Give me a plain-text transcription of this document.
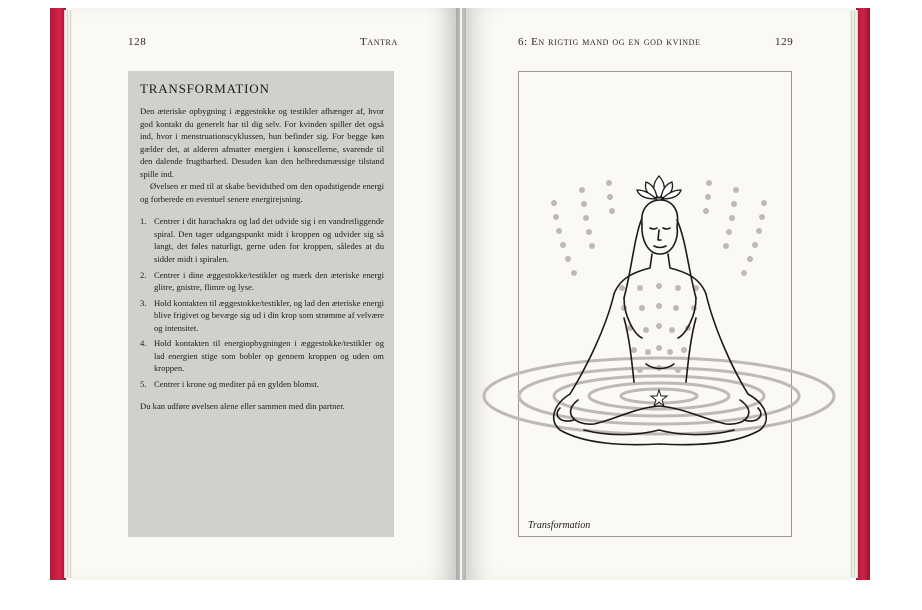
128	Tantra
TRANSFORMATION

Den æteriske opbygning i æggestokke og testikler afhænger af, hvor god kontakt du generelt har til dig selv. For kvinden spiller det også ind, hvor i menstruationscyklussen, hun befinder sig. For begge køn gælder det, at alderen afmatter energien i kønscellerne, svarende til den dalende frugtbarhed. Desuden kan den helbredsmæssige tilstand spille ind.

Øvelsen er med til at skabe bevidsthed om den opadstigende energi og forberede en eventuel senere energirejsning.

1. Centrer i dit harachakra og lad det udvide sig i en vandretliggende spiral. Den tager udgangspunkt midt i kroppen og udvider sig så langt, det føles naturligt, gerne uden for kroppen, således at du sidder midt i spiralen.
2. Centrer i dine æggestokke/testikler og mærk den æteriske energi glitre, gnistre, flimre og lyse.
3. Hold kontakten til æggestokke/testikler, og lad den æteriske energi blive frigivet og bevæge sig ud i din krop som strømme af velvære og intensitet.
4. Hold kontakten til energiopbygningen i æggestokke/testikler og lad energien stige som bobler op gennem kroppen og uden om kroppen.
5. Centrer i krone og mediter på en gylden blomst.

Du kan udføre øvelsen alene eller sammen med din partner.

6: En rigtig mand og en god kvinde	129
Transformation
